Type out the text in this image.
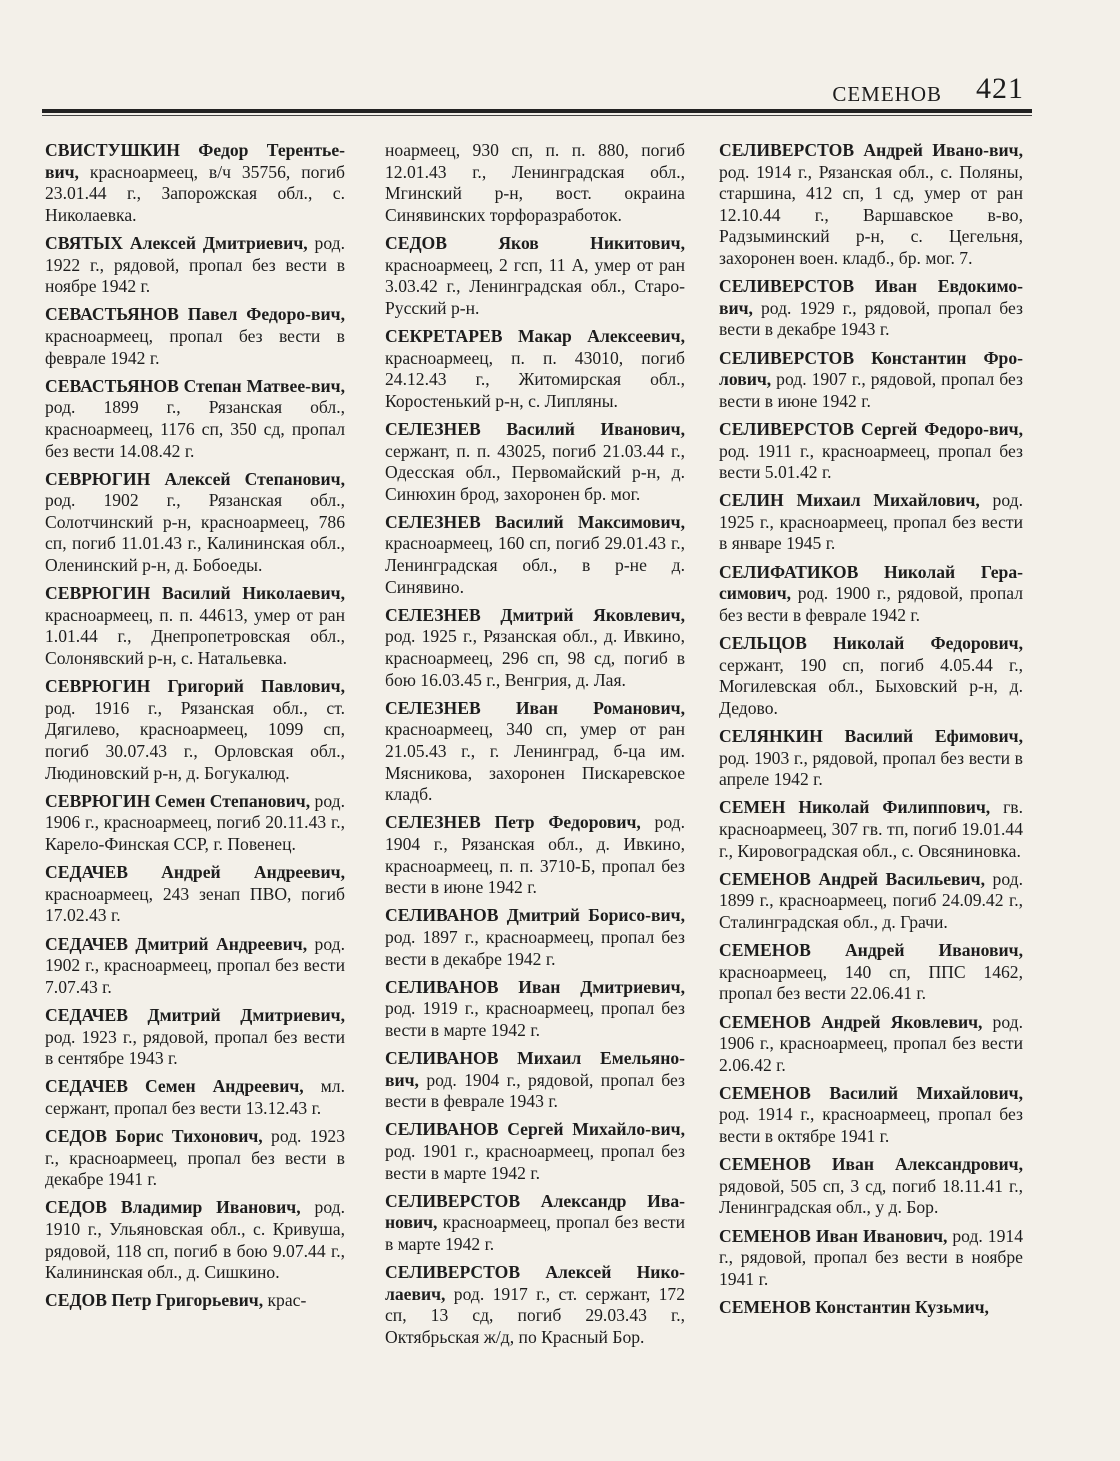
СЕМЕНОВ 421
СВИСТУШКИН Федор Терентье-вич, красноармеец, в/ч 35756, погиб 23.01.44 г., Запорожская обл., с. Николаевка.
СВЯТЫХ Алексей Дмитриевич, род. 1922 г., рядовой, пропал без вести в ноябре 1942 г.
СЕВАСТЬЯНОВ Павел Федоро-вич, красноармеец, пропал без вести в феврале 1942 г.
СЕВАСТЬЯНОВ Степан Матвее-вич, род. 1899 г., Рязанская обл., красноармеец, 1176 сп, 350 сд, пропал без вести 14.08.42 г.
СЕВРЮГИН Алексей Степанович, род. 1902 г., Рязанская обл., Солотчинский р-н, красноармеец, 786 сп, погиб 11.01.43 г., Калининская обл., Оленинский р-н, д. Бобоеды.
СЕВРЮГИН Василий Николаевич, красноармеец, п. п. 44613, умер от ран 1.01.44 г., Днепропетровская обл., Солонявский р-н, с. Натальевка.
СЕВРЮГИН Григорий Павлович, род. 1916 г., Рязанская обл., ст. Дягилево, красноармеец, 1099 сп, погиб 30.07.43 г., Орловская обл., Людиновский р-н, д. Богукалюд.
СЕВРЮГИН Семен Степанович, род. 1906 г., красноармеец, погиб 20.11.43 г., Карело-Финская ССР, г. Повенец.
СЕДАЧЕВ Андрей Андреевич, красноармеец, 243 зенап ПВО, погиб 17.02.43 г.
СЕДАЧЕВ Дмитрий Андреевич, род. 1902 г., красноармеец, пропал без вести 7.07.43 г.
СЕДАЧЕВ Дмитрий Дмитриевич, род. 1923 г., рядовой, пропал без вести в сентябре 1943 г.
СЕДАЧЕВ Семен Андреевич, мл. сержант, пропал без вести 13.12.43 г.
СЕДОВ Борис Тихонович, род. 1923 г., красноармеец, пропал без вести в декабре 1941 г.
СЕДОВ Владимир Иванович, род. 1910 г., Ульяновская обл., с. Кривуша, рядовой, 118 сп, погиб в бою 9.07.44 г., Калининская обл., д. Сишкино.
СЕДОВ Петр Григорьевич, крас-
ноармеец, 930 сп, п. п. 880, погиб 12.01.43 г., Ленинградская обл., Мгинский р-н, вост. окраина Синявинских торфоразработок.
СЕДОВ Яков Никитович, красноармеец, 2 гсп, 11 А, умер от ран 3.03.42 г., Ленинградская обл., Старо-Русский р-н.
СЕКРЕТАРЕВ Макар Алексеевич, красноармеец, п. п. 43010, погиб 24.12.43 г., Житомирская обл., Коростенький р-н, с. Липляны.
СЕЛЕЗНЕВ Василий Иванович, сержант, п. п. 43025, погиб 21.03.44 г., Одесская обл., Первомайский р-н, д. Синюхин брод, захоронен бр. мог.
СЕЛЕЗНЕВ Василий Максимович, красноармеец, 160 сп, погиб 29.01.43 г., Ленинградская обл., в р-не д. Синявино.
СЕЛЕЗНЕВ Дмитрий Яковлевич, род. 1925 г., Рязанская обл., д. Ивкино, красноармеец, 296 сп, 98 сд, погиб в бою 16.03.45 г., Венгрия, д. Лая.
СЕЛЕЗНЕВ Иван Романович, красноармеец, 340 сп, умер от ран 21.05.43 г., г. Ленинград, б-ца им. Мясникова, захоронен Пискаревское кладб.
СЕЛЕЗНЕВ Петр Федорович, род. 1904 г., Рязанская обл., д. Ивкино, красноармеец, п. п. 3710-Б, пропал без вести в июне 1942 г.
СЕЛИВАНОВ Дмитрий Борисо-вич, род. 1897 г., красноармеец, пропал без вести в декабре 1942 г.
СЕЛИВАНОВ Иван Дмитриевич, род. 1919 г., красноармеец, пропал без вести в марте 1942 г.
СЕЛИВАНОВ Михаил Емельяно-вич, род. 1904 г., рядовой, пропал без вести в феврале 1943 г.
СЕЛИВАНОВ Сергей Михайло-вич, род. 1901 г., красноармеец, пропал без вести в марте 1942 г.
СЕЛИВЕРСТОВ Александр Ива-нович, красноармеец, пропал без вести в марте 1942 г.
СЕЛИВЕРСТОВ Алексей Нико-лаевич, род. 1917 г., ст. сержант, 172 сп, 13 сд, погиб 29.03.43 г., Октябрьская ж/д, по Красный Бор.
СЕЛИВЕРСТОВ Андрей Ивано-вич, род. 1914 г., Рязанская обл., с. Поляны, старшина, 412 сп, 1 сд, умер от ран 12.10.44 г., Варшавское в-во, Радзыминский р-н, с. Цегельня, захоронен воен. кладб., бр. мог. 7.
СЕЛИВЕРСТОВ Иван Евдокимо-вич, род. 1929 г., рядовой, пропал без вести в декабре 1943 г.
СЕЛИВЕРСТОВ Константин Фро-лович, род. 1907 г., рядовой, пропал без вести в июне 1942 г.
СЕЛИВЕРСТОВ Сергей Федоро-вич, род. 1911 г., красноармеец, пропал без вести 5.01.42 г.
СЕЛИН Михаил Михайлович, род. 1925 г., красноармеец, пропал без вести в январе 1945 г.
СЕЛИФАТИКОВ Николай Гера-симович, род. 1900 г., рядовой, пропал без вести в феврале 1942 г.
СЕЛЬЦОВ Николай Федорович, сержант, 190 сп, погиб 4.05.44 г., Могилевская обл., Быховский р-н, д. Дедово.
СЕЛЯНКИН Василий Ефимович, род. 1903 г., рядовой, пропал без вести в апреле 1942 г.
СЕМЕН Николай Филиппович, гв. красноармеец, 307 гв. тп, погиб 19.01.44 г., Кировоградская обл., с. Овсяниновка.
СЕМЕНОВ Андрей Васильевич, род. 1899 г., красноармеец, погиб 24.09.42 г., Сталинградская обл., д. Грачи.
СЕМЕНОВ Андрей Иванович, красноармеец, 140 сп, ППС 1462, пропал без вести 22.06.41 г.
СЕМЕНОВ Андрей Яковлевич, род. 1906 г., красноармеец, пропал без вести 2.06.42 г.
СЕМЕНОВ Василий Михайлович, род. 1914 г., красноармеец, пропал без вести в октябре 1941 г.
СЕМЕНОВ Иван Александрович, рядовой, 505 сп, 3 сд, погиб 18.11.41 г., Ленинградская обл., у д. Бор.
СЕМЕНОВ Иван Иванович, род. 1914 г., рядовой, пропал без вести в ноябре 1941 г.
СЕМЕНОВ Константин Кузьмич,
